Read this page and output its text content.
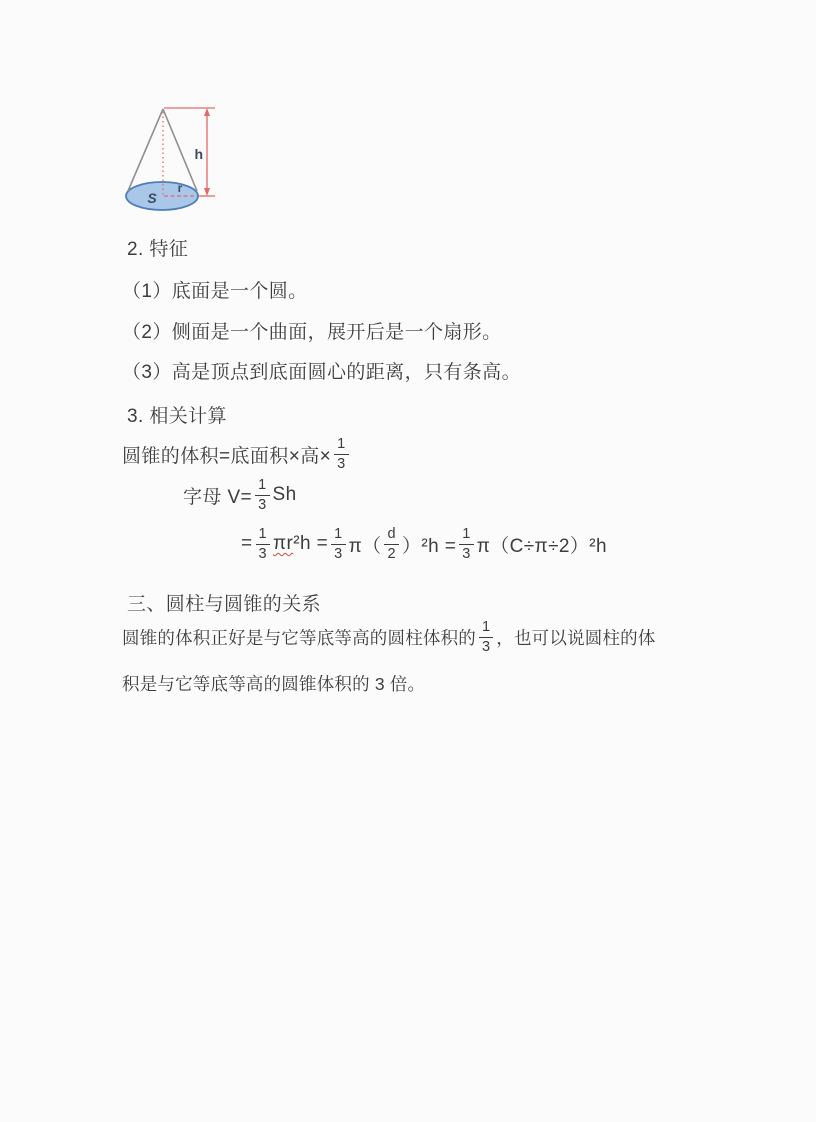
S
r
h
2. 特征
（1）底面是一个圆。
（2）侧面是一个曲面，展开后是一个扇形。
（3）高是顶点到底面圆心的距离，只有条高。
3. 相关计算
圆锥的体积=底面积×高× $\frac{1}{3}$
字母 $V= \frac{1}{3}$ Sh
= $\frac{1}{3}$ πr $^2h = \frac{1}{3} \pi( \frac{d}{2} )^2h = \frac{1}{3} \pi(C\div\pi\div 2)^2h$
三、圆柱与圆锥的关系
圆锥的体积正好是与它等底等高的圆柱体积的 $\frac{1}{3}$ ，也可以说圆柱的体
积是与它等底等高的圆锥体积的 3 倍。
